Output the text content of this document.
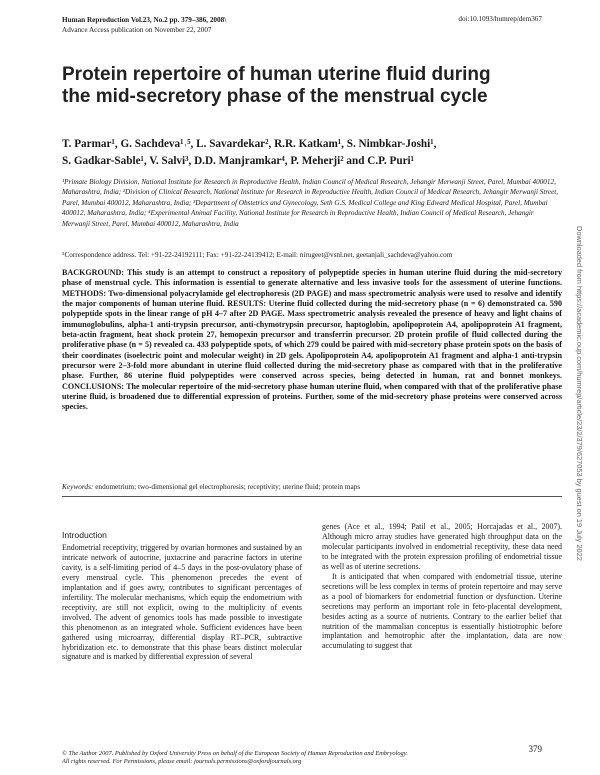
Human Reproduction Vol.23, No.2 pp. 379–386, 2008\
Advance Access publication on November 22, 2007
doi:10.1093/humrep/dem367
Protein repertoire of human uterine fluid during
the mid-secretory phase of the menstrual cycle
T. Parmar¹, G. Sachdeva¹˒⁵, L. Savardekar², R.R. Katkam¹, S. Nimbkar-Joshi¹,
S. Gadkar-Sable¹, V. Salvi³, D.D. Manjramkar⁴, P. Meherji² and C.P. Puri¹
¹Primate Biology Division, National Institute for Research in Reproductive Health, Indian Council of Medical Research, Jehangir Merwanji Street, Parel, Mumbai 400012, Maharashtra, India; ²Division of Clinical Research, National Institute for Research in Reproductive Health, Indian Council of Medical Research, Jehangir Merwanji Street, Parel, Mumbai 400012, Maharashtra, India; ³Department of Obstetrics and Gynecology, Seth G.S. Medical College and King Edward Medical Hospital, Parel, Mumbai 400012, Maharashtra, India; ⁴Experimental Animal Facility, National Institute for Research in Reproductive Health, Indian Council of Medical Research, Jehangir Merwanji Street, Parel, Mumbai 400012, Maharashtra, India
⁵Correspondence address. Tel: +91-22-24192111; Fax: +91-22-24139412; E-mail: nirugeet@vsnl.net, geetanjali_sachdeva@yahoo.com
BACKGROUND: This study is an attempt to construct a repository of polypeptide species in human uterine fluid during the mid-secretory phase of menstrual cycle. This information is essential to generate alternative and less invasive tools for the assessment of uterine functions. METHODS: Two-dimensional polyacrylamide gel electrophoresis (2D PAGE) and mass spectrometric analysis were used to resolve and identify the major components of human uterine fluid. RESULTS: Uterine fluid collected during the mid-secretory phase (n = 6) demonstrated ca. 590 polypeptide spots in the linear range of pH 4–7 after 2D PAGE. Mass spectrometric analysis revealed the presence of heavy and light chains of immunoglobulins, alpha-1 anti-trypsin precursor, anti-chymotrypsin precursor, haptoglobin, apolipoprotein A4, apolipoprotein A1 fragment, beta-actin fragment, heat shock protein 27, hemopexin precursor and transferrin precursor. 2D protein profile of fluid collected during the proliferative phase (n = 5) revealed ca. 433 polypeptide spots, of which 279 could be paired with mid-secretory phase protein spots on the basis of their coordinates (isoelectric point and molecular weight) in 2D gels. Apolipoprotein A4, apolipoprotein A1 fragment and alpha-1 anti-trypsin precursor were 2–3-fold more abundant in uterine fluid collected during the mid-secretory phase as compared with that in the proliferative phase. Further, 86 uterine fluid polypeptides were conserved across species, being detected in human, rat and bonnet monkeys. CONCLUSIONS: The molecular repertoire of the mid-secretory phase human uterine fluid, when compared with that of the proliferative phase uterine fluid, is broadened due to differential expression of proteins. Further, some of the mid-secretory phase proteins were conserved across species.
Keywords: endometrium; two-dimensional gel electrophoresis; receptivity; uterine fluid; protein maps
Introduction

Endometrial receptivity, triggered by ovarian hormones and sustained by an intricate network of autocrine, juxtacrine and paracrine factors in uterine cavity, is a self-limiting period of 4–5 days in the post-ovulatory phase of every menstrual cycle. This phenomenon precedes the event of implantation and if goes awry, contributes to significant percentages of infertility. The molecular mechanisms, which equip the endometrium with receptivity, are still not explicit, owing to the multiplicity of events involved. The advent of genomics tools has made possible to investigate this phenomenon as an integrated whole. Sufficient evidences have been gathered using microarray, differential display RT–PCR, subtractive hybridization etc. to demonstrate that this phase bears distinct molecular signature and is marked by differential expression of several

genes (Ace et al., 1994; Patil et al., 2005; Horcajadas et al., 2007). Although micro array studies have generated high throughput data on the molecular participants involved in endometrial receptivity, these data need to be integrated with the protein expression profiling of endometrial tissue as well as of uterine secretions.

It is anticipated that when compared with endometrial tissue, uterine secretions will be less complex in terms of protein repertoire and may serve as a pool of biomarkers for endometrial function or dysfunction. Uterine secretions may perform an important role in feto-placental development, besides acting as a source of nutrients. Contrary to the earlier belief that nutrition of the mammalian conceptus is essentially histiotrophic before implantation and hemotrophic after the implantation, data are now accumulating to suggest that

© The Author 2007. Published by Oxford University Press on behalf of the European Society of Human Reproduction and Embryology.
All rights reserved. For Permissions, please email: journals.permissions@oxfordjournals.org
379
Downloaded from https://academic.oup.com/humrep/article/23/2/379/627053 by guest on 19 July 2022
